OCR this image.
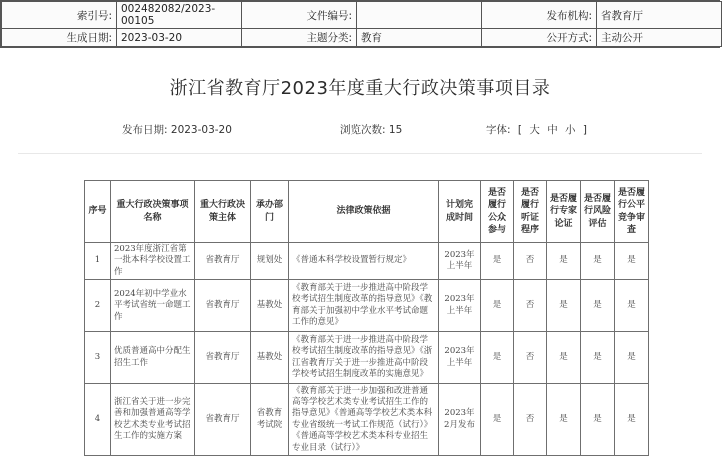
索引号:	002482082/2023-00105	文件编号:		发布机构:	省教育厅
生成日期:	2023-03-20	主题分类:	教育	公开方式:	主动公开
浙江省教育厅2023年度重大行政决策事项目录
发布日期: 2023-03-20	浏览次数: 15	字体: [ 大 中 小 ]
序号	重大行政决策事项名称	重大行政决策主体	承办部门	法律政策依据	计划完成时间	是否履行公众参与	是否履行听证程序	是否履行专家论证	是否履行风险评估	是否履行公平竞争审查
1	2023年度浙江省第一批本科学校设置工作	省教育厅	规划处	《普通本科学校设置暂行规定》	2023年上半年	是	否	是	是	是
2	2024年初中学业水平考试省统一命题工作	省教育厅	基教处	《教育部关于进一步推进高中阶段学校考试招生制度改革的指导意见》《教育部关于加强初中学业水平考试命题工作的意见》	2023年上半年	是	否	是	是	是
3	优质普通高中分配生招生工作	省教育厅	基教处	《教育部关于进一步推进高中阶段学校考试招生制度改革的指导意见》《浙江省教育厅关于进一步推进高中阶段学校考试招生制度改革的实施意见》	2023年上半年	是	否	是	是	是
4	浙江省关于进一步完善和加强普通高等学校艺术类专业考试招生工作的实施方案	省教育厅	省教育考试院	《教育部关于进一步加强和改进普通高等学校艺术类专业考试招生工作的指导意见》《普通高等学校艺术类本科专业省级统一考试工作规范（试行）》《普通高等学校艺术类本科专业招生专业目录（试行）》	2023年2月发布	是	否	是	是	是
